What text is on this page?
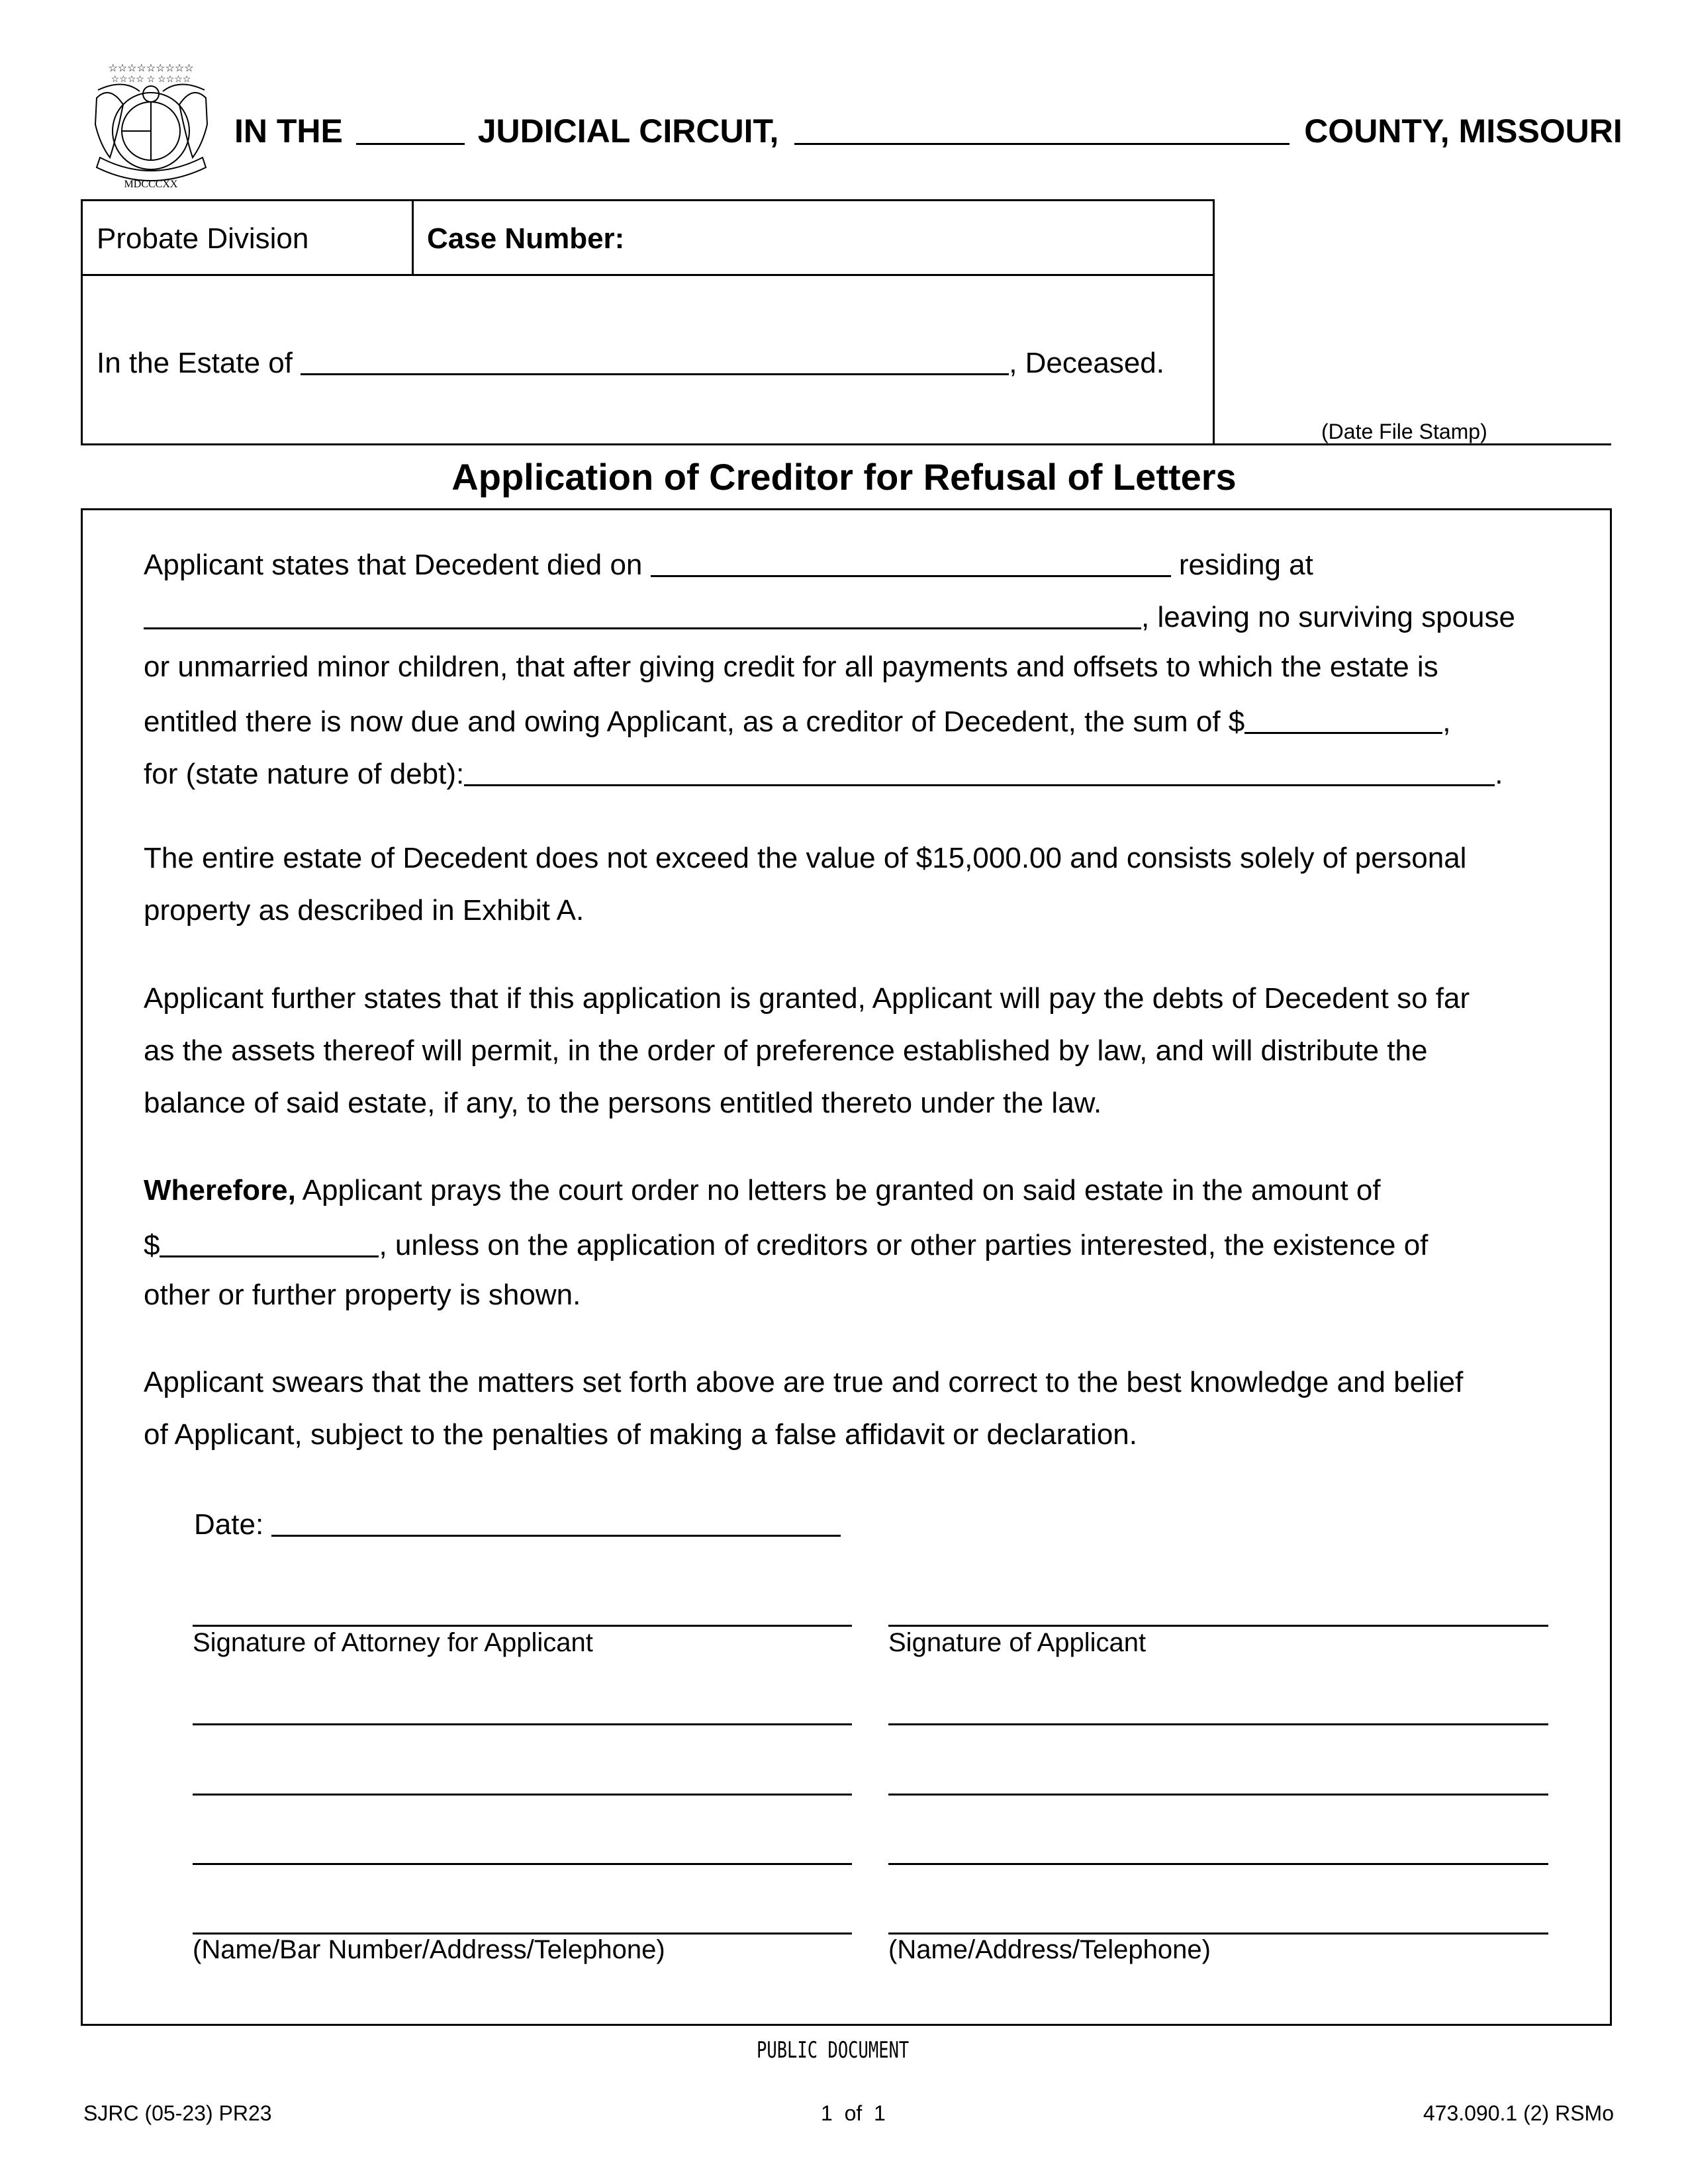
☆☆☆☆☆☆☆☆☆
☆☆☆☆ ☆ ☆☆☆☆
MDCCCXX
IN THE	JUDICIAL CIRCUIT,	COUNTY, MISSOURI
Probate Division	Case Number:
In the Estate of	, Deceased.
(Date File Stamp)
Application of Creditor for Refusal of Letters
Applicant states that Decedent died on	residing at
, leaving no surviving spouse
or unmarried minor children, that after giving credit for all payments and offsets to which the estate is
entitled there is now due and owing Applicant, as a creditor of Decedent, the sum of $	,
for (state nature of debt):	.
The entire estate of Decedent does not exceed the value of $15,000.00 and consists solely of personal
property as described in Exhibit A.
Applicant further states that if this application is granted, Applicant will pay the debts of Decedent so far
as the assets thereof will permit, in the order of preference established by law, and will distribute the
balance of said estate, if any, to the persons entitled thereto under the law.
Wherefore, Applicant prays the court order no letters be granted on said estate in the amount of
$	, unless on the application of creditors or other parties interested, the existence of
other or further property is shown.
Applicant swears that the matters set forth above are true and correct to the best knowledge and belief
of Applicant, subject to the penalties of making a false affidavit or declaration.
Date:
Signature of Attorney for Applicant	Signature of Applicant
(Name/Bar Number/Address/Telephone)	(Name/Address/Telephone)
PUBLIC DOCUMENT
SJRC (05-23) PR23	1  of  1	473.090.1 (2) RSMo
